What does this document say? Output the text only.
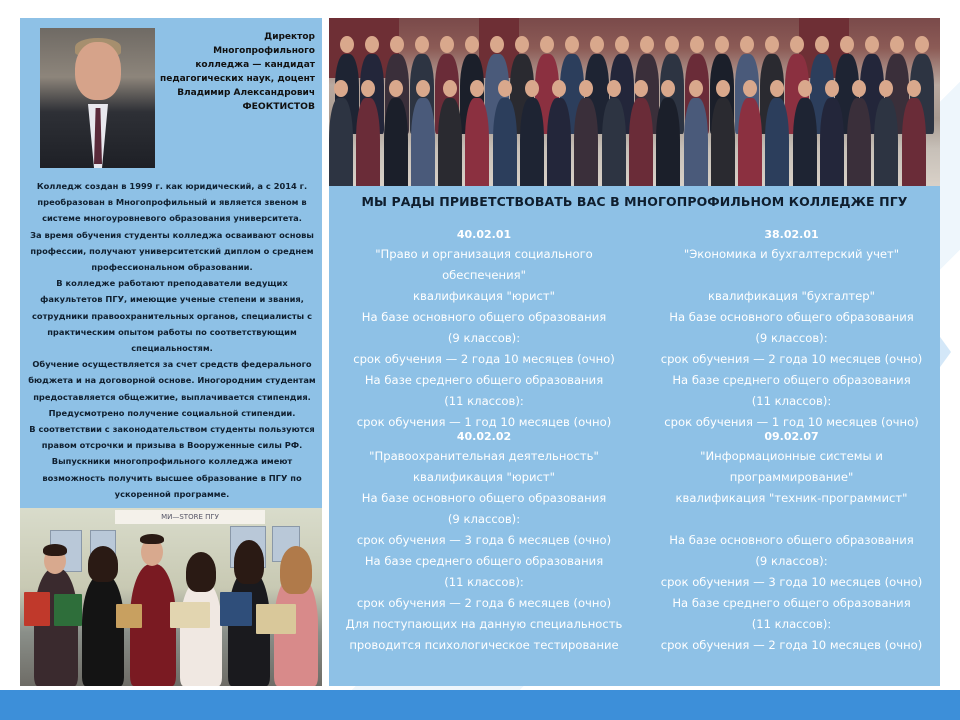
Директор Многопрофильного
колледжа — кандидат
педагогических наук, доцент
Владимир Александрович
ФЕОКТИСТОВ
Колледж создан в 1999 г. как юридический, а с 2014 г.
преобразован в Многопрофильный и является звеном в
системе многоуровневого образования университета.
За время обучения студенты колледжа осваивают основы
профессии, получают университетский диплом о среднем
профессиональном образовании.
В колледже работают преподаватели ведущих
факультетов ПГУ, имеющие ученые степени и звания,
сотрудники правоохранительных органов, специалисты с
практическим опытом работы по соответствующим
специальностям.
Обучение осуществляется за счет средств федерального
бюджета и на договорной основе. Иногородним студентам
предоставляется общежитие, выплачивается стипендия.
Предусмотрено получение социальной стипендии.
В соответствии с законодательством студенты пользуются
правом отсрочки и призыва в Вооруженные силы РФ.
Выпускники многопрофильного колледжа имеют
возможность получить высшее образование в ПГУ по
ускоренной программе.
МИ—STORE ПГУ
МЫ РАДЫ ПРИВЕТСТВОВАТЬ ВАС В МНОГОПРОФИЛЬНОМ КОЛЛЕДЖЕ ПГУ
40.02.01
"Право и организация социального
обеспечения"
квалификация "юрист"
На базе основного общего образования
(9 классов):
срок обучения — 2 года 10 месяцев (очно)
На базе среднего общего образования
(11 классов):
срок обучения — 1 год 10 месяцев (очно)
38.02.01
"Экономика и бухгалтерский учет"

квалификация "бухгалтер"
На базе основного общего образования
(9 классов):
срок обучения — 2 года 10 месяцев (очно)
На базе среднего общего образования
(11 классов):
срок обучения — 1 год 10 месяцев (очно)
40.02.02
"Правоохранительная деятельность"
квалификация "юрист"
На базе основного общего образования
(9 классов):
срок обучения — 3 года 6 месяцев (очно)
На базе среднего общего образования
(11 классов):
срок обучения — 2 года 6 месяцев (очно)
Для поступающих на данную специальность
проводится психологическое тестирование
09.02.07
"Информационные системы и
программирование"
квалификация "техник-программист"

На базе основного общего образования
(9 классов):
срок обучения — 3 года 10 месяцев (очно)
На базе среднего общего образования
(11 классов):
срок обучения — 2 года 10 месяцев (очно)
